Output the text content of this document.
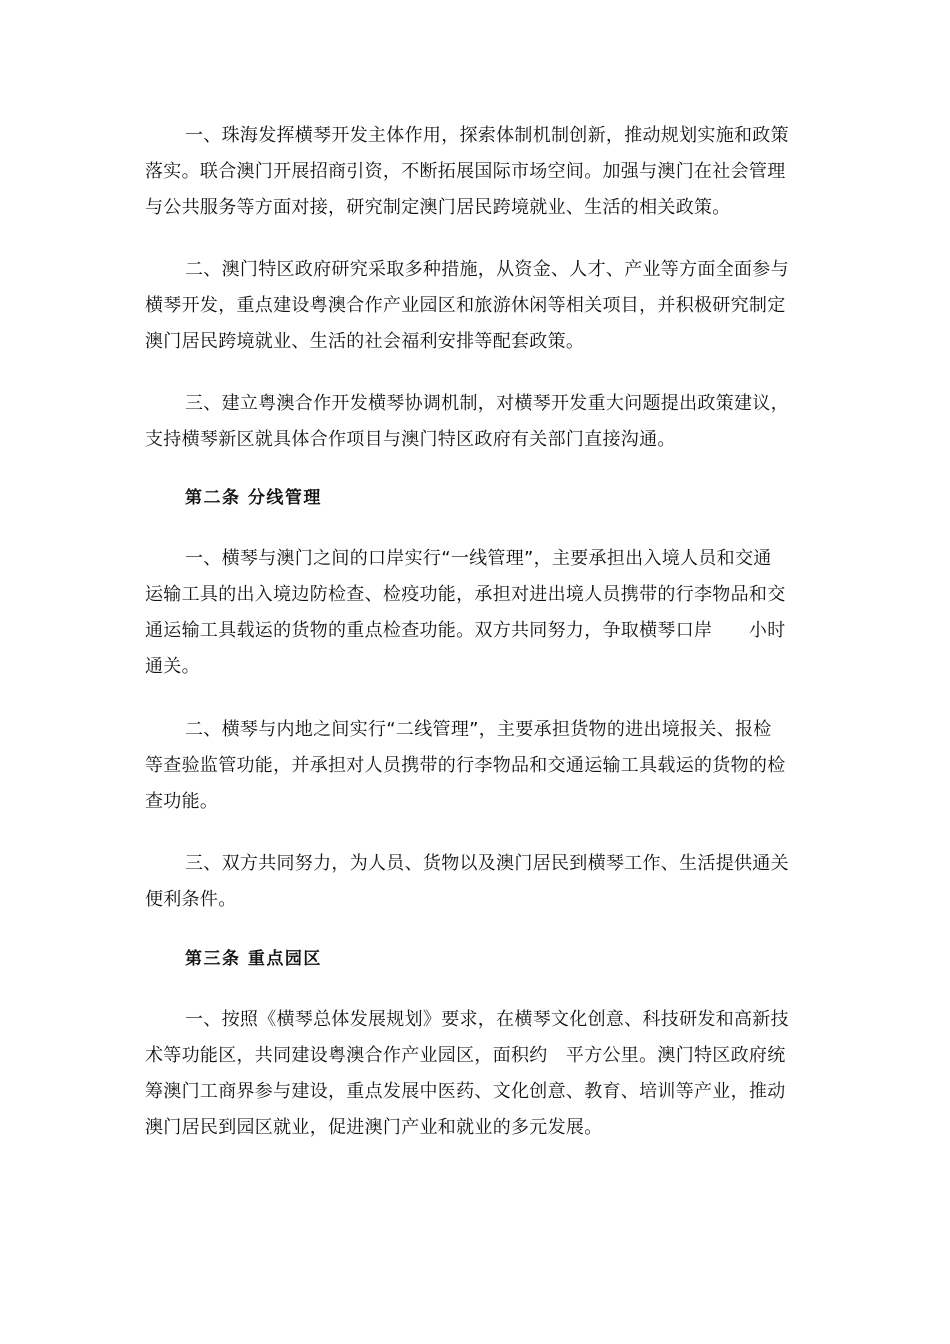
一、珠海发挥横琴开发主体作用，探索体制机制创新，推动规划实施和政策
落实。联合澳门开展招商引资，不断拓展国际市场空间。加强与澳门在社会管理
与公共服务等方面对接，研究制定澳门居民跨境就业、生活的相关政策。

二、澳门特区政府研究采取多种措施，从资金、人才、产业等方面全面参与
横琴开发，重点建设粤澳合作产业园区和旅游休闲等相关项目，并积极研究制定
澳门居民跨境就业、生活的社会福利安排等配套政策。

三、建立粤澳合作开发横琴协调机制，对横琴开发重大问题提出政策建议，
支持横琴新区就具体合作项目与澳门特区政府有关部门直接沟通。

第二条 分线管理

一、横琴与澳门之间的口岸实行“一线管理”，主要承担出入境人员和交通
运输工具的出入境边防检查、检疫功能，承担对进出境人员携带的行李物品和交
通运输工具载运的货物的重点检查功能。双方共同努力，争取横琴口岸　　小时
通关。

二、横琴与内地之间实行“二线管理”，主要承担货物的进出境报关、报检
等查验监管功能，并承担对人员携带的行李物品和交通运输工具载运的货物的检
查功能。

三、双方共同努力，为人员、货物以及澳门居民到横琴工作、生活提供通关
便利条件。

第三条 重点园区

一、按照《横琴总体发展规划》要求，在横琴文化创意、科技研发和高新技
术等功能区，共同建设粤澳合作产业园区，面积约　平方公里。澳门特区政府统
筹澳门工商界参与建设，重点发展中医药、文化创意、教育、培训等产业，推动
澳门居民到园区就业，促进澳门产业和就业的多元发展。
